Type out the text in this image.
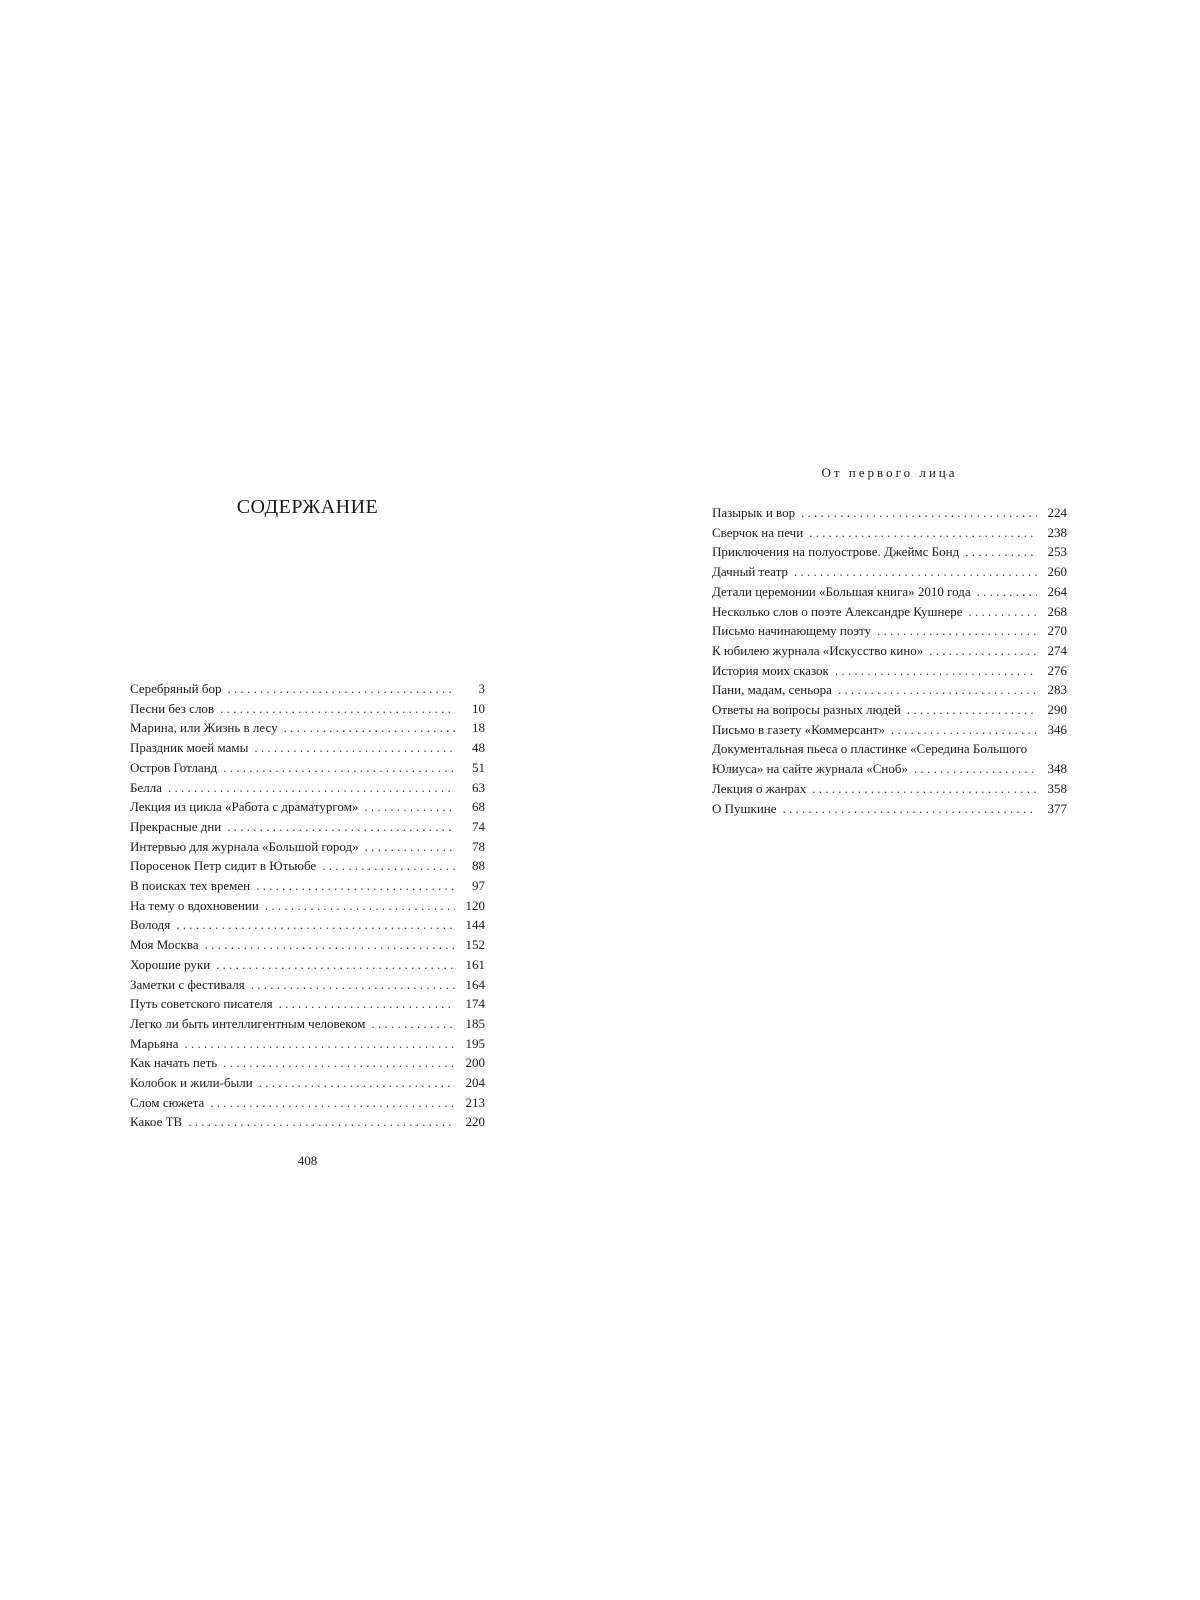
СОДЕРЖАНИЕ
Серебряный бор . . .	3
Песни без слов . . .	10
Марина, или Жизнь в лесу . . .	18
Праздник моей мамы . . .	48
Остров Готланд . . .	51
Белла . . .	63
Лекция из цикла «Работа с драматургом» . . .	68
Прекрасные дни . . .	74
Интервью для журнала «Большой город» . . .	78
Поросенок Петр сидит в Ютьюбе . . .	88
В поисках тех времен . . .	97
На тему о вдохновении . . .	120
Володя . . .	144
Моя Москва . . .	152
Хорошие руки . . .	161
Заметки с фестиваля . . .	164
Путь советского писателя . . .	174
Легко ли быть интеллигентным человеком . . .	185
Марьяна . . .	195
Как начать петь . . .	200
Колобок и жили-были . . .	204
Слом сюжета . . .	213
Какое ТВ . . .	220

408

От первого лица

Пазырык и вор . . .	224
Сверчок на печи . . .	238
Приключения на полуострове. Джеймс Бонд . . .	253
Дачный театр . . .	260
Детали церемонии «Большая книга» 2010 года . . .	264
Несколько слов о поэте Александре Кушнере . . .	268
Письмо начинающему поэту . . .	270
К юбилею журнала «Искусство кино» . . .	274
История моих сказок . . .	276
Пани, мадам, сеньора . . .	283
Ответы на вопросы разных людей . . .	290
Письмо в газету «Коммерсант» . . .	346
Документальная пьеса о пластинке «Середина Большого
Юлиуса» на сайте журнала «Сноб» . . .	348
Лекция о жанрах . . .	358
О Пушкине . . .	377
